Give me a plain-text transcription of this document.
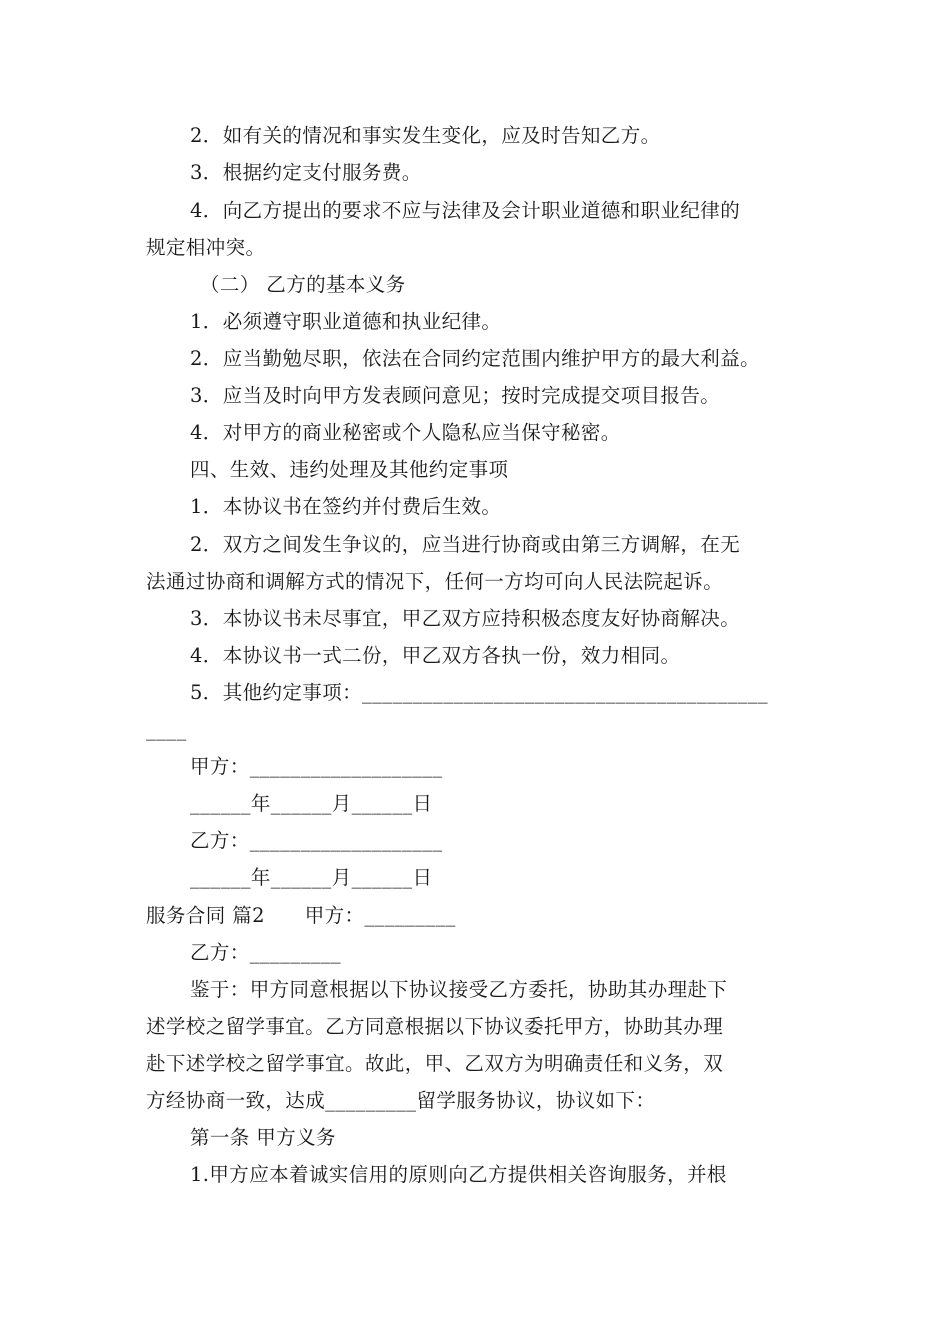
2．如有关的情况和事实发生变化，应及时告知乙方。
3．根据约定支付服务费。
4．向乙方提出的要求不应与法律及会计职业道德和职业纪律的
规定相冲突。
（二） 乙方的基本义务
1．必须遵守职业道德和执业纪律。
2．应当勤勉尽职，依法在合同约定范围内维护甲方的最大利益。
3．应当及时向甲方发表顾问意见；按时完成提交项目报告。
4．对甲方的商业秘密或个人隐私应当保守秘密。
四、生效、违约处理及其他约定事项
1．本协议书在签约并付费后生效。
2．双方之间发生争议的，应当进行协商或由第三方调解，在无
法通过协商和调解方式的情况下，任何一方均可向人民法院起诉。
3．本协议书未尽事宜，甲乙双方应持积极态度友好协商解决。
4．本协议书一式二份，甲乙双方各执一份，效力相同。
5．其他约定事项：________________________________________
____
甲方：___________________
______年______月______日
乙方：___________________
______年______月______日
服务合同 篇2　　甲方：_________
乙方：_________
鉴于：甲方同意根据以下协议接受乙方委托，协助其办理赴下
述学校之留学事宜。乙方同意根据以下协议委托甲方，协助其办理
赴下述学校之留学事宜。故此，甲、乙双方为明确责任和义务，双
方经协商一致，达成_________留学服务协议，协议如下：
第一条 甲方义务
1.甲方应本着诚实信用的原则向乙方提供相关咨询服务，并根
